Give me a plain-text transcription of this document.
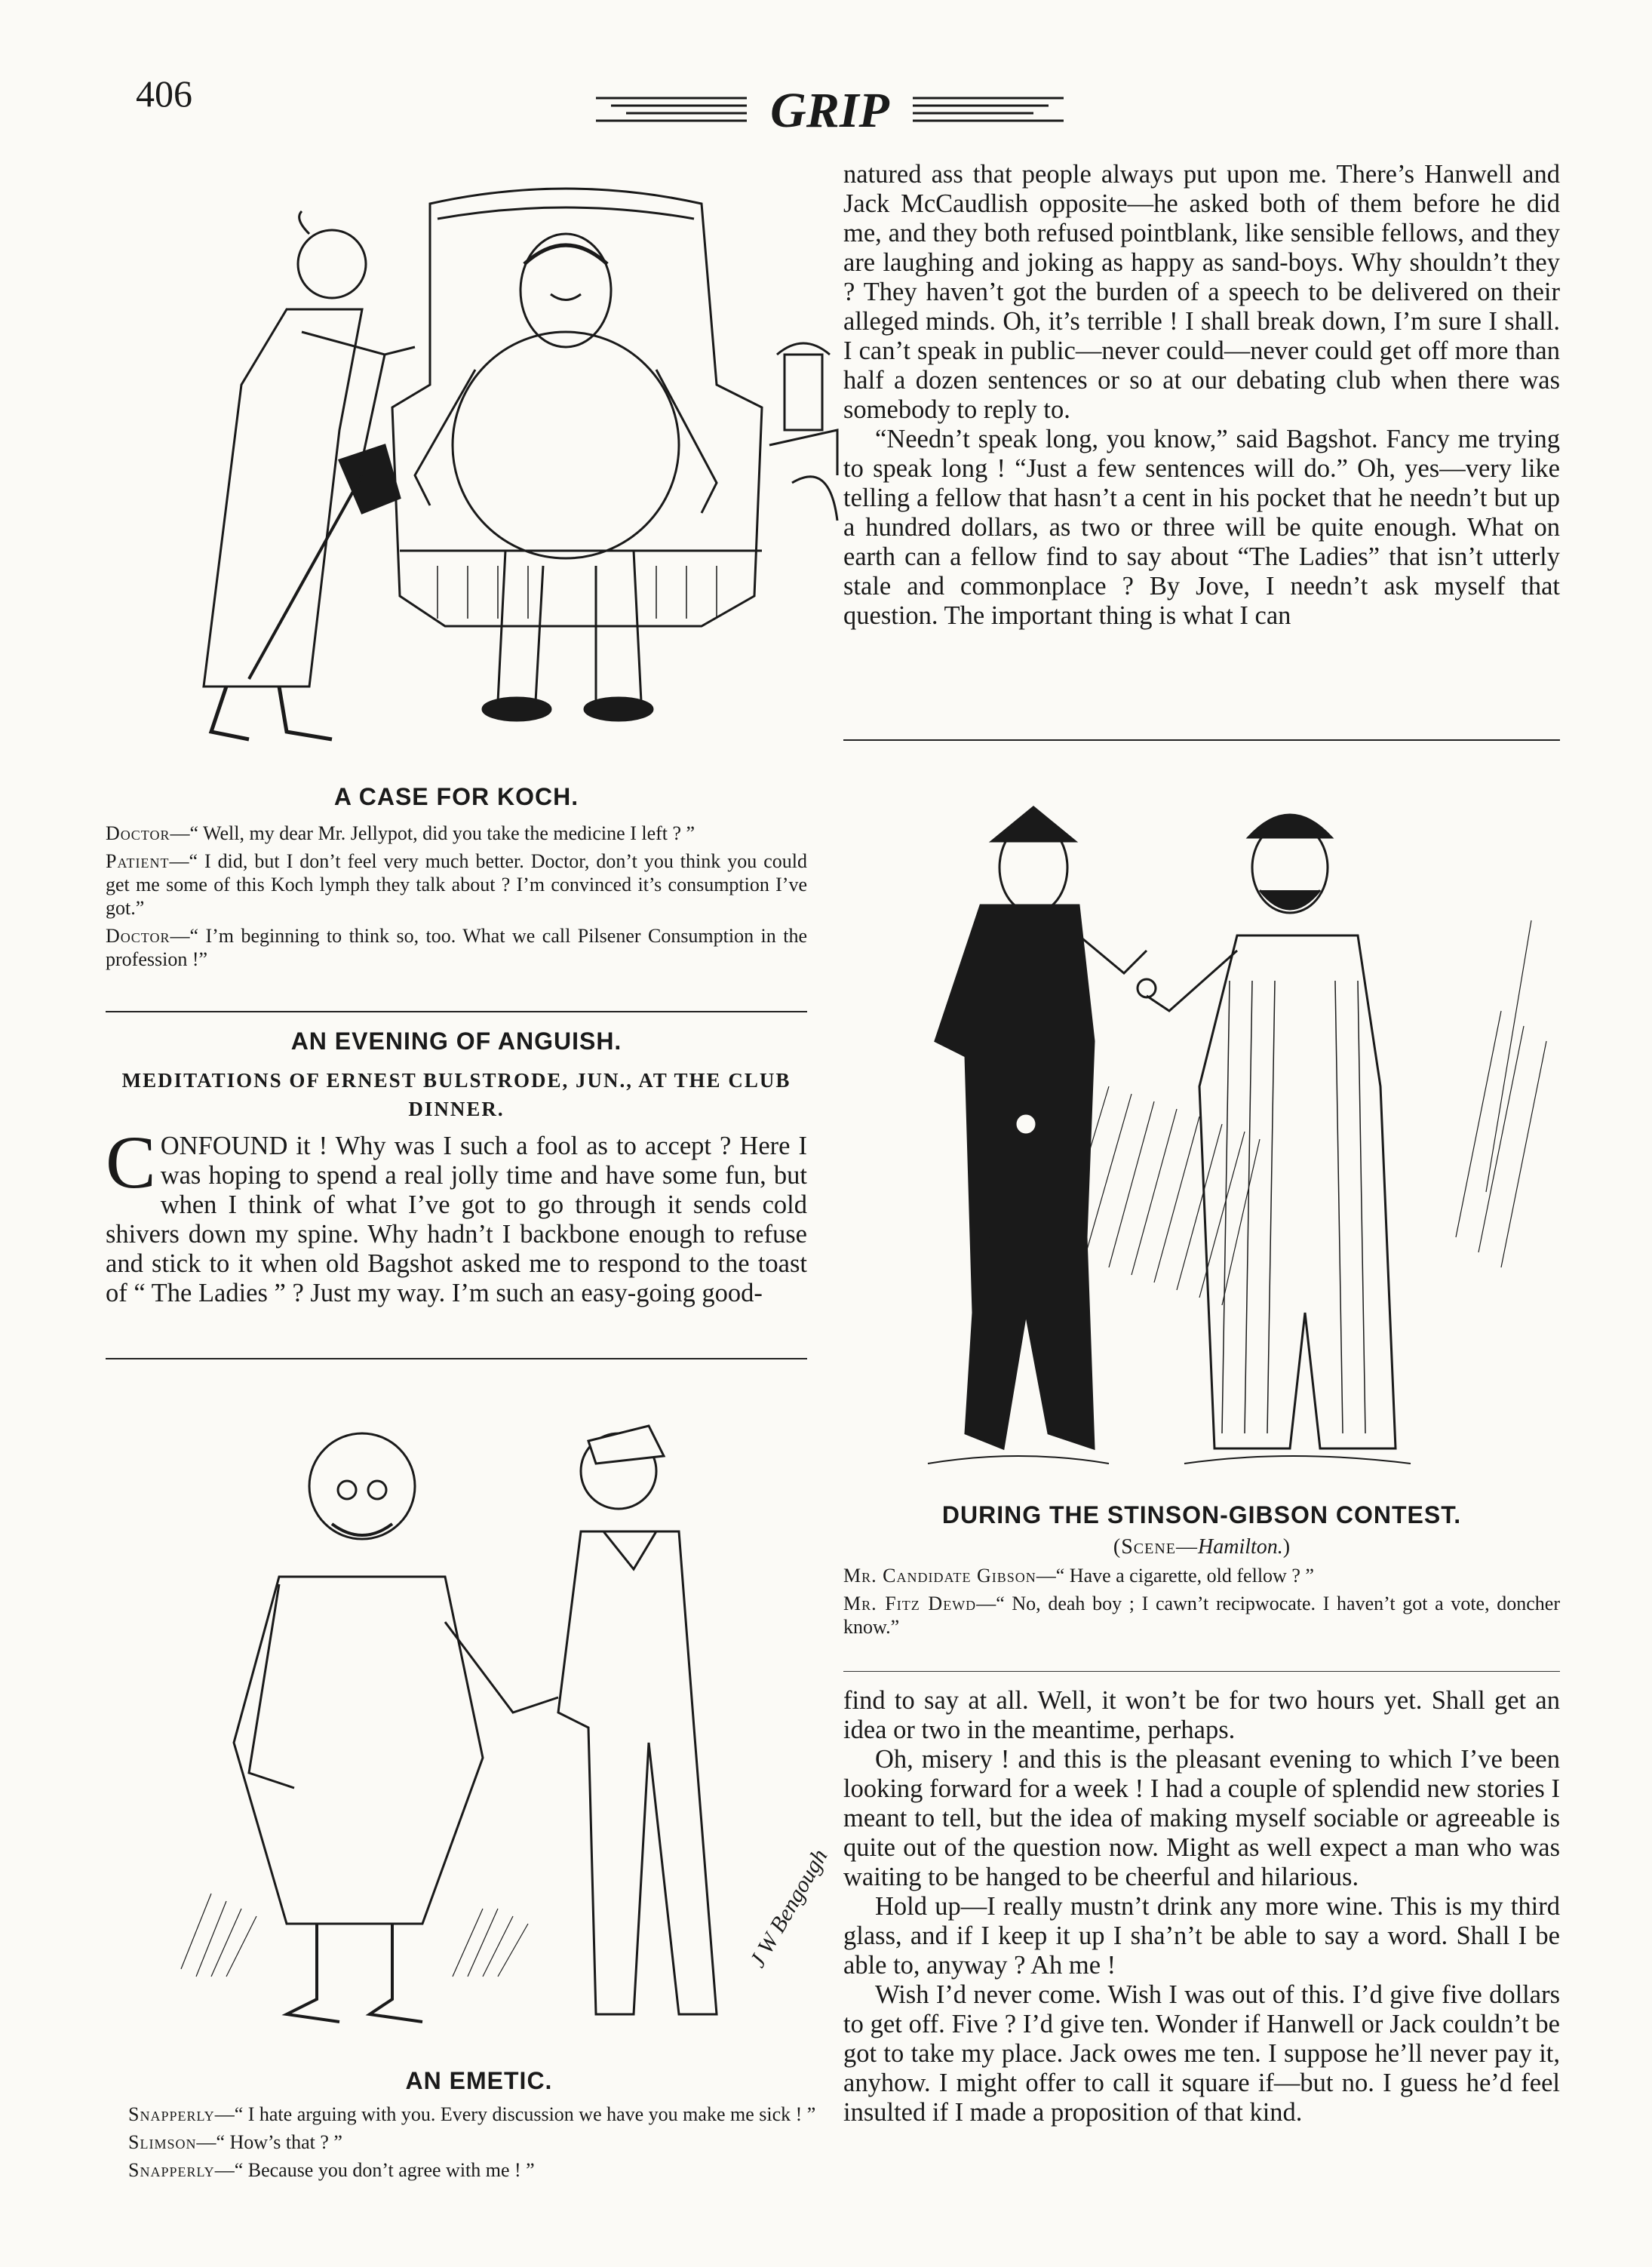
406	GRIP
A CASE FOR KOCH.
Doctor—“ Well, my dear Mr. Jellypot, did you take the medicine I left ? ”
Patient—“ I did, but I don’t feel very much better. Doctor, don’t you think you could get me some of this Koch lymph they talk about ? I’m convinced it’s consumption I’ve got.”
Doctor—“ I’m beginning to think so, too. What we call Pilsener Consumption in the profession !”
AN EVENING OF ANGUISH.
MEDITATIONS OF ERNEST BULSTRODE, JUN., AT THE CLUB DINNER.

CONFOUND it ! Why was I such a fool as to accept ? Here I was hoping to spend a real jolly time and have some fun, but when I think of what I’ve got to go through it sends cold shivers down my spine. Why hadn’t I backbone enough to refuse and stick to it when old Bagshot asked me to respond to the toast of “ The Ladies ” ? Just my way. I’m such an easy-going good-

J W Bengough
AN EMETIC.
Snapperly—“ I hate arguing with you. Every discussion we have you make me sick ! ”
Slimson—“ How’s that ? ”
Snapperly—“ Because you don’t agree with me ! ”

natured ass that people always put upon me. There’s Hanwell and Jack McCaudlish opposite—he asked both of them before he did me, and they both refused pointblank, like sensible fellows, and they are laughing and joking as happy as sand-boys. Why shouldn’t they ? They haven’t got the burden of a speech to be delivered on their alleged minds. Oh, it’s terrible ! I shall break down, I’m sure I shall. I can’t speak in public—never could—never could get off more than half a dozen sentences or so at our debating club when there was somebody to reply to.

“Needn’t speak long, you know,” said Bagshot. Fancy me trying to speak long ! “Just a few sentences will do.” Oh, yes—very like telling a fellow that hasn’t a cent in his pocket that he needn’t but up a hundred dollars, as two or three will be quite enough. What on earth can a fellow find to say about “The Ladies” that isn’t utterly stale and commonplace ? By Jove, I needn’t ask myself that question. The important thing is what I can

DURING THE STINSON-GIBSON CONTEST.
(Scene—Hamilton.)
Mr. Candidate Gibson—“ Have a cigarette, old fellow ? ”
Mr. Fitz Dewd—“ No, deah boy ; I cawn’t recipwocate. I haven’t got a vote, doncher know.”

find to say at all. Well, it won’t be for two hours yet. Shall get an idea or two in the meantime, perhaps.

Oh, misery ! and this is the pleasant evening to which I’ve been looking forward for a week ! I had a couple of splendid new stories I meant to tell, but the idea of making myself sociable or agreeable is quite out of the question now. Might as well expect a man who was waiting to be hanged to be cheerful and hilarious.

Hold up—I really mustn’t drink any more wine. This is my third glass, and if I keep it up I sha’n’t be able to say a word. Shall I be able to, anyway ? Ah me !

Wish I’d never come. Wish I was out of this. I’d give five dollars to get off. Five ? I’d give ten. Wonder if Hanwell or Jack couldn’t be got to take my place. Jack owes me ten. I suppose he’ll never pay it, anyhow. I might offer to call it square if—but no. I guess he’d feel insulted if I made a proposition of that kind.
